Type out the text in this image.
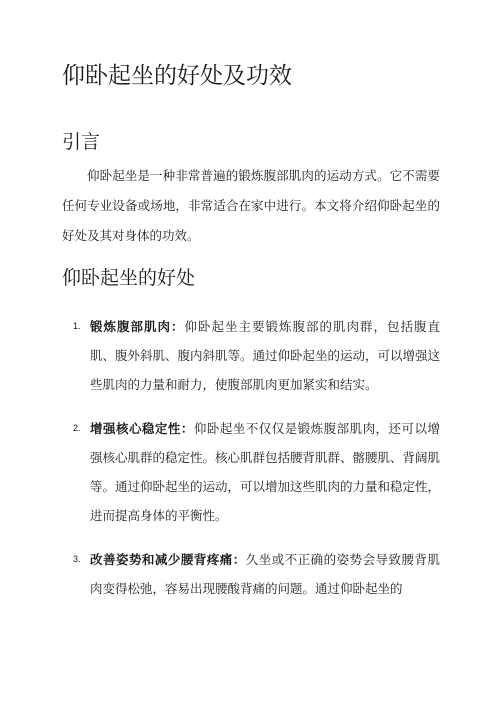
仰卧起坐的好处及功效
引言

仰卧起坐是一种非常普遍的锻炼腹部肌肉的运动方式。它不需要任何专业设备或场地，非常适合在家中进行。本文将介绍仰卧起坐的好处及其对身体的功效。

仰卧起坐的好处
1. 锻炼腹部肌肉：仰卧起坐主要锻炼腹部的肌肉群，包括腹直肌、腹外斜肌、腹内斜肌等。通过仰卧起坐的运动，可以增强这些肌肉的力量和耐力，使腹部肌肉更加紧实和结实。
2. 增强核心稳定性：仰卧起坐不仅仅是锻炼腹部肌肉，还可以增强核心肌群的稳定性。核心肌群包括腰背肌群、髂腰肌、背阔肌等。通过仰卧起坐的运动，可以增加这些肌肉的力量和稳定性，进而提高身体的平衡性。
3. 改善姿势和减少腰背疼痛：久坐或不正确的姿势会导致腰背肌肉变得松弛，容易出现腰酸背痛的问题。通过仰卧起坐的
